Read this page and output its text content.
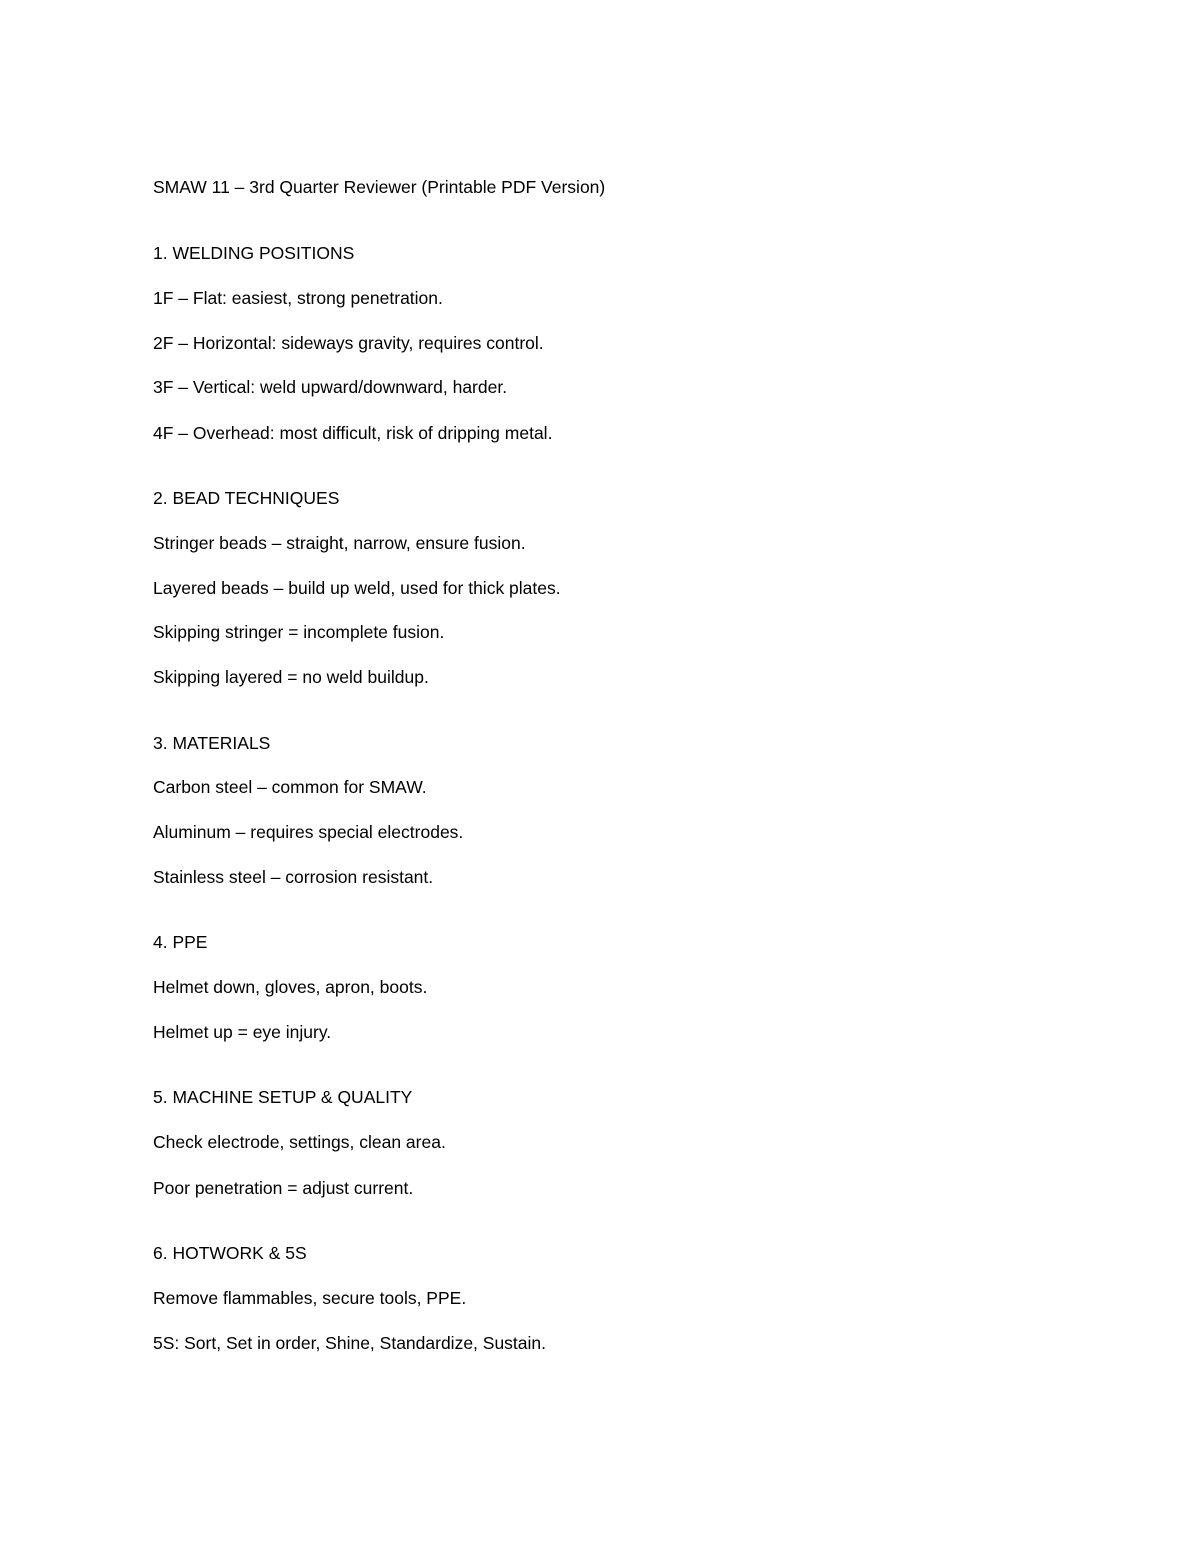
SMAW 11 – 3rd Quarter Reviewer (Printable PDF Version)
1. WELDING POSITIONS
1F – Flat: easiest, strong penetration.
2F – Horizontal: sideways gravity, requires control.
3F – Vertical: weld upward/downward, harder.
4F – Overhead: most difficult, risk of dripping metal.
2. BEAD TECHNIQUES
Stringer beads – straight, narrow, ensure fusion.
Layered beads – build up weld, used for thick plates.
Skipping stringer = incomplete fusion.
Skipping layered = no weld buildup.
3. MATERIALS
Carbon steel – common for SMAW.
Aluminum – requires special electrodes.
Stainless steel – corrosion resistant.
4. PPE
Helmet down, gloves, apron, boots.
Helmet up = eye injury.
5. MACHINE SETUP & QUALITY
Check electrode, settings, clean area.
Poor penetration = adjust current.
6. HOTWORK & 5S
Remove flammables, secure tools, PPE.
5S: Sort, Set in order, Shine, Standardize, Sustain.
